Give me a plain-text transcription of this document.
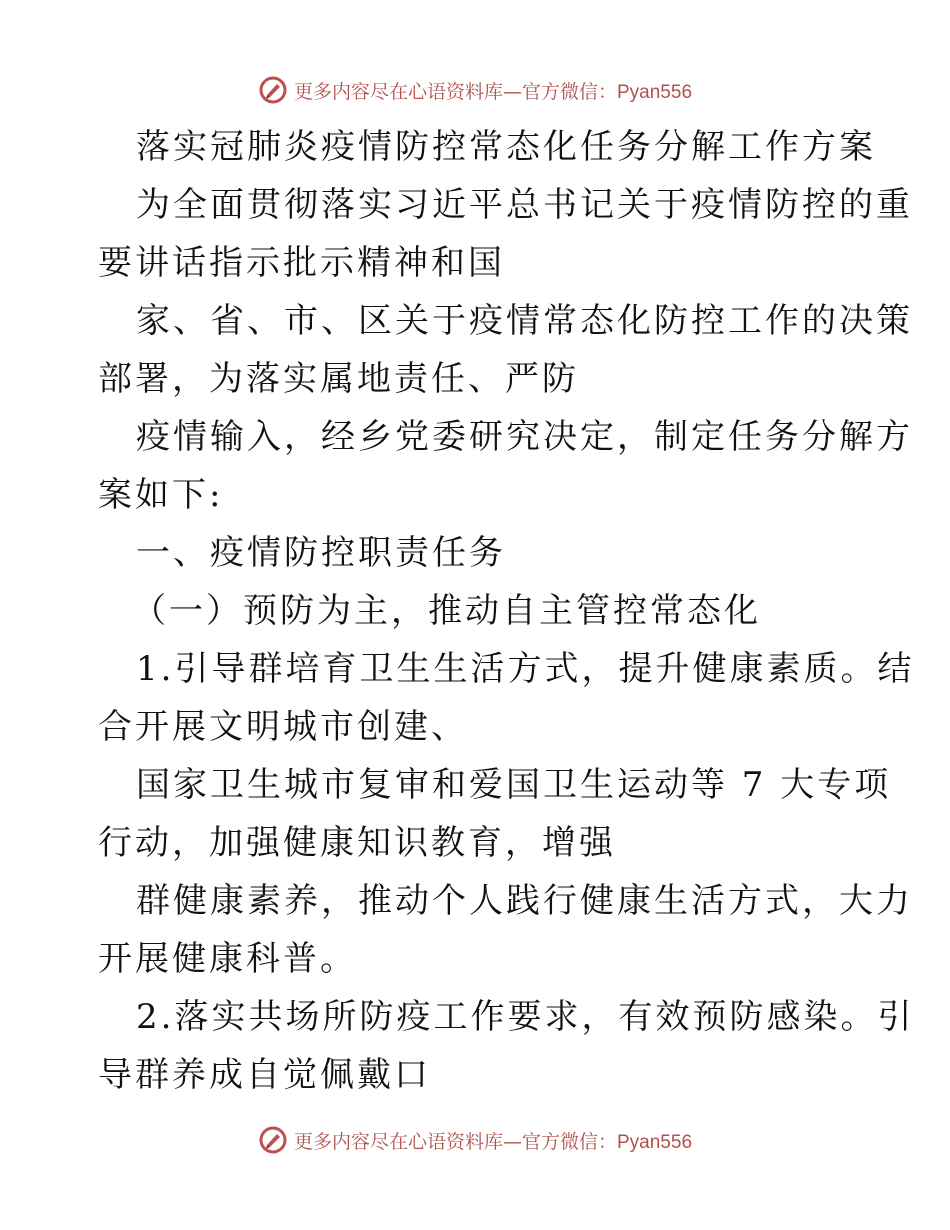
更多内容尽在心语资料库—官方微信：Pyan556
落实冠肺炎疫情防控常态化任务分解工作方案
为全面贯彻落实习近平总书记关于疫情防控的重
要讲话指示批示精神和国
家、省、市、区关于疫情常态化防控工作的决策
部署，为落实属地责任、严防
疫情输入，经乡党委研究决定，制定任务分解方
案如下:
一、疫情防控职责任务
（一）预防为主，推动自主管控常态化
1.引导群培育卫生生活方式，提升健康素质。结
合开展文明城市创建、
国家卫生城市复审和爱国卫生运动等 7 大专项
行动，加强健康知识教育，增强
群健康素养，推动个人践行健康生活方式，大力
开展健康科普。
2.落实共场所防疫工作要求，有效预防感染。引
导群养成自觉佩戴口
更多内容尽在心语资料库—官方微信：Pyan556
